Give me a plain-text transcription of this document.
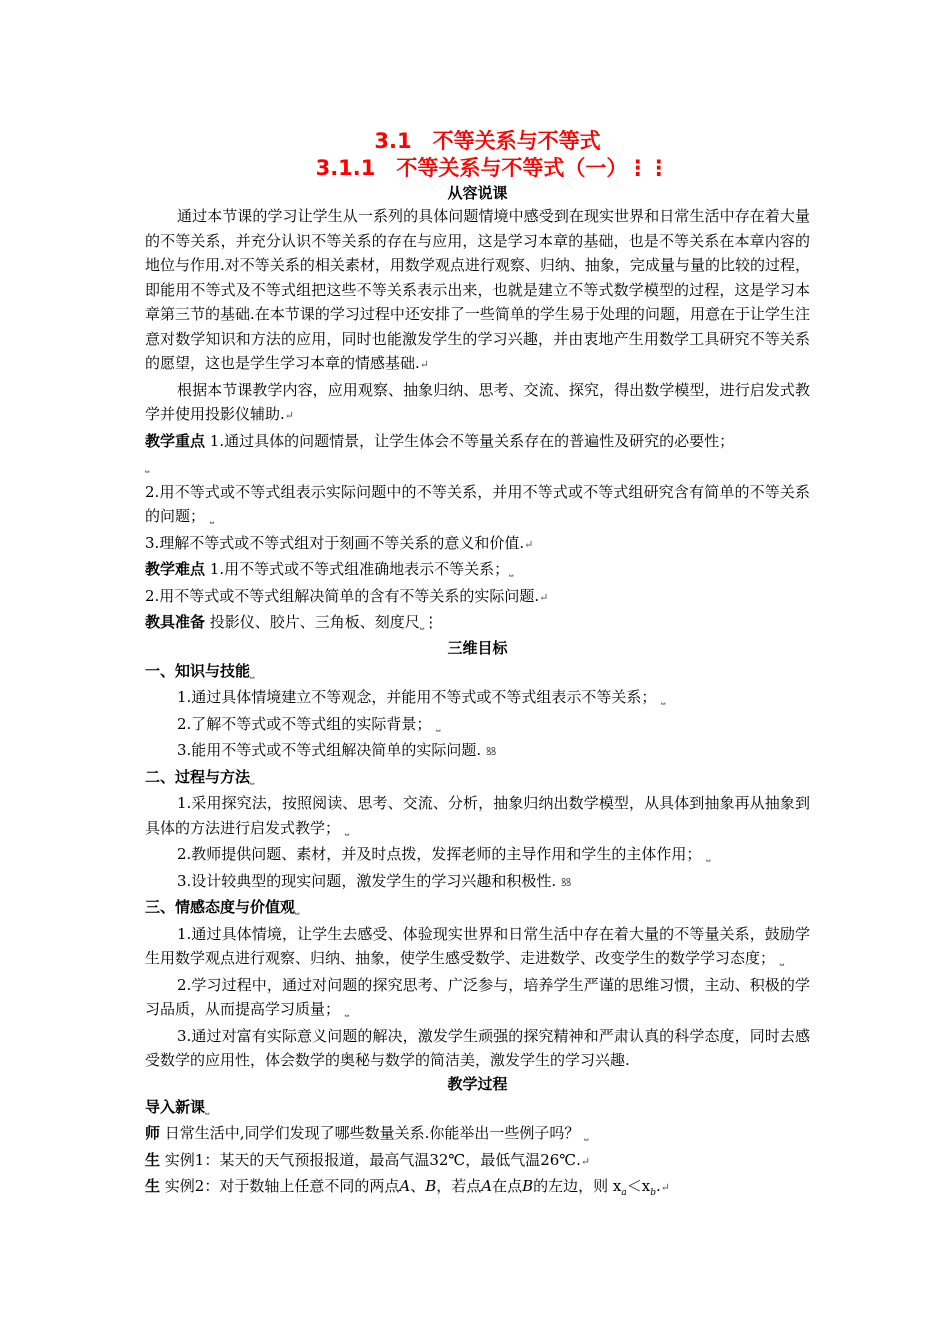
3.1　不等关系与不等式
3.1.1　不等关系与不等式（一）⋮⋮
从容说课

通过本节课的学习让学生从一系列的具体问题情境中感受到在现实世界和日常生活中存在着大量的不等关系，并充分认识不等关系的存在与应用，这是学习本章的基础，也是不等关系在本章内容的地位与作用.对不等关系的相关素材，用数学观点进行观察、归纳、抽象，完成量与量的比较的过程，即能用不等式及不等式组把这些不等关系表示出来，也就是建立不等式数学模型的过程，这是学习本章第三节的基础.在本节课的学习过程中还安排了一些简单的学生易于处理的问题，用意在于让学生注意对数学知识和方法的应用，同时也能激发学生的学习兴趣，并由衷地产生用数学工具研究不等关系的愿望，这也是学生学习本章的情感基础.↵

根据本节课教学内容，应用观察、抽象归纳、思考、交流、探究，得出数学模型，进行启发式教学并使用投影仪辅助.↵

教学重点 1.通过具体的问题情景，让学生体会不等量关系存在的普遍性及研究的必要性；
⎵

2.用不等式或不等式组表示实际问题中的不等关系，并用不等式或不等式组研究含有简单的不等关系的问题； ⎵

3.理解不等式或不等式组对于刻画不等关系的意义和价值.↵

教学难点 1.用不等式或不等式组准确地表示不等关系；⎵

2.用不等式或不等式组解决简单的含有不等关系的实际问题.↵

教具准备 投影仪、胶片、三角板、刻度尺⎵⋮

三维目标

一、知识与技能⎵

1.通过具体情境建立不等观念，并能用不等式或不等式组表示不等关系； ⎵

2.了解不等式或不等式组的实际背景； ⎵

3.能用不等式或不等式组解决简单的实际问题. ꝸꝸ

二、过程与方法⎵

1.采用探究法，按照阅读、思考、交流、分析，抽象归纳出数学模型，从具体到抽象再从抽象到具体的方法进行启发式教学； ⎵

2.教师提供问题、素材，并及时点拨，发挥老师的主导作用和学生的主体作用； ⎵

3.设计较典型的现实问题，激发学生的学习兴趣和积极性. ꝸꝸ

三、情感态度与价值观⎵

1.通过具体情境，让学生去感受、体验现实世界和日常生活中存在着大量的不等量关系，鼓励学生用数学观点进行观察、归纳、抽象，使学生感受数学、走进数学、改变学生的数学学习态度； ⎵

2.学习过程中，通过对问题的探究思考、广泛参与，培养学生严谨的思维习惯，主动、积极的学习品质，从而提高学习质量； ⎵

3.通过对富有实际意义问题的解决，激发学生顽强的探究精神和严肃认真的科学态度，同时去感受数学的应用性，体会数学的奥秘与数学的简洁美，激发学生的学习兴趣.

教学过程

导入新课⎵

师 日常生活中,同学们发现了哪些数量关系.你能举出一些例子吗？ ⎵

生 实例1：某天的天气预报报道，最高气温32℃，最低气温26℃.↵

生 实例2：对于数轴上任意不同的两点A、B，若点A在点B的左边，则 $x_a<x_b.↵$
